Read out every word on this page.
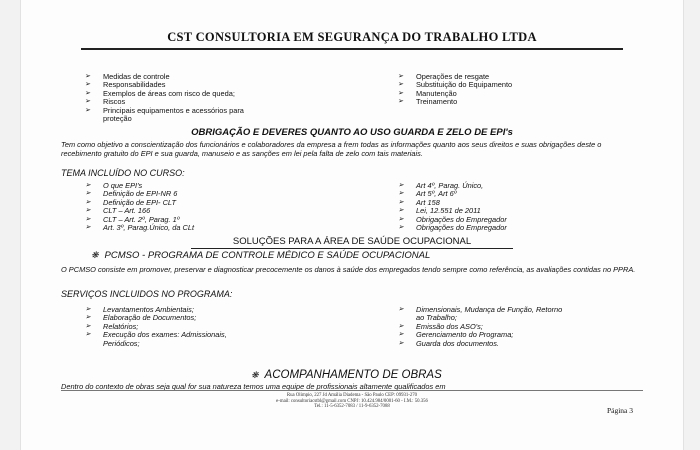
CST CONSULTORIA EM SEGURANÇA DO TRABALHO LTDA
➢ Medidas de controle
➢ Responsabilidades
➢ Exemplos de áreas com risco de queda;
➢ Riscos
➢ Principais equipamentos e acessórios para
proteção
➢ Operações de resgate
➢ Substituição do Equipamento
➢ Manutenção
➢ Treinamento
OBRIGAÇÃO E DEVERES QUANTO AO USO GUARDA E ZELO DE EPI's
Tem como objetivo a conscientização dos funcionários e colaboradores da empresa a frem todas as informações quanto aos seus direitos e suas obrigações deste o recebimento gratuito do EPI e sua guarda, manuseio e as sanções em lei pela falta de zelo com tais materiais.
TEMA INCLUÍDO NO CURSO:
➢ O que EPI's
➢ Definição de EPI-NR 6
➢ Definição de EPI- CLT
➢ CLT – Art. 166
➢ CLT – Art. 2º, Parag. 1º
➢ Art. 3º, Parag.Único, da CLt
➢ Art 4º, Parag. Único,
➢ Art 5º, Art 6º
➢ Art 158
➢ Lei, 12.551 de 2011
➢ Obrigações do Empregador
➢ Obrigações do Empregador
SOLUÇÕES PARA A ÁREA DE SAÚDE OCUPACIONAL
❋ PCMSO - PROGRAMA DE CONTROLE MÉDICO E SAÚDE OCUPACIONAL
O PCMSO consiste em promover, preservar e diagnosticar precocemente os danos à saúde dos empregados tendo sempre como referência, as avaliações contidas no PPRA.
SERVIÇOS INCLUIDOS NO PROGRAMA:
➢ Levantamentos Ambientais;
➢ Elaboração de Documentos;
➢ Relatórios;
➢ Execução dos exames: Admissionais,
Periódicos;
➢ Dimensionais, Mudança de Função, Retorno
ao Trabalho;
➢ Emissão dos ASO's;
➢ Gerenciamento do Programa;
➢ Guarda dos documentos.
❋ ACOMPANHAMENTO DE OBRAS
Dentro do contexto de obras seja qual for sua natureza temos uma equipe de profissionais altamente qualificados em
Rua Olimpio, 227 Jd Amália Diadema - São Paulo CEP: 09931-270
e-mail: consultoriacstbl@gmail.com CNPJ: 10.424.984/0001-60 - I.M.: 50.356
Tel.: 11-5-6352-7083 / 11-9-6352-7088	Página 3
